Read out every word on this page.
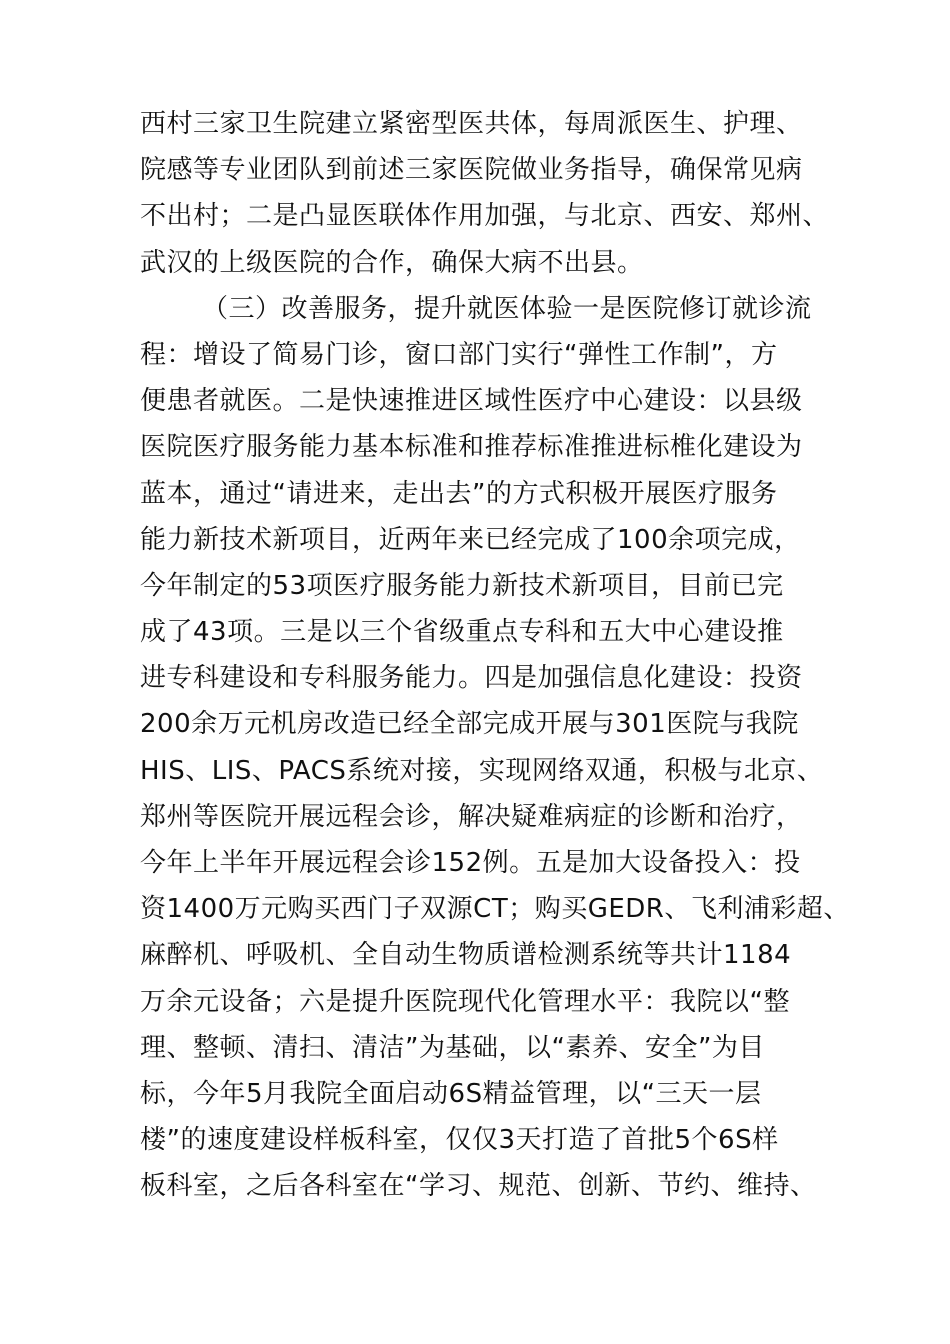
西村三家卫生院建立紧密型医共体，每周派医生、护理、
院感等专业团队到前述三家医院做业务指导，确保常见病
不出村；二是凸显医联体作用加强，与北京、西安、郑州、
武汉的上级医院的合作，确保大病不出县。
（三）改善服务，提升就医体验一是医院修订就诊流
程：增设了简易门诊，窗口部门实行“弹性工作制”，方
便患者就医。二是快速推进区域性医疗中心建设：以县级
医院医疗服务能力基本标准和推荐标准推进标椎化建设为
蓝本，通过“请进来，走出去”的方式积极开展医疗服务
能力新技术新项目，近两年来已经完成了100余项完成，
今年制定的53项医疗服务能力新技术新项目，目前已完
成了43项。三是以三个省级重点专科和五大中心建设推
进专科建设和专科服务能力。四是加强信息化建设：投资
200余万元机房改造已经全部完成开展与301医院与我院
HIS、LIS、PACS系统对接，实现网络双通，积极与北京、
郑州等医院开展远程会诊，解决疑难病症的诊断和治疗，
今年上半年开展远程会诊152例。五是加大设备投入：投
资1400万元购买西门子双源CT；购买GEDR、飞利浦彩超、
麻醉机、呼吸机、全自动生物质谱检测系统等共计1184
万余元设备；六是提升医院现代化管理水平：我院以“整
理、整顿、清扫、清洁”为基础，以“素养、安全”为目
标，今年5月我院全面启动6S精益管理，以“三天一层
楼”的速度建设样板科室，仅仅3天打造了首批5个6S样
板科室，之后各科室在“学习、规范、创新、节约、维持、
